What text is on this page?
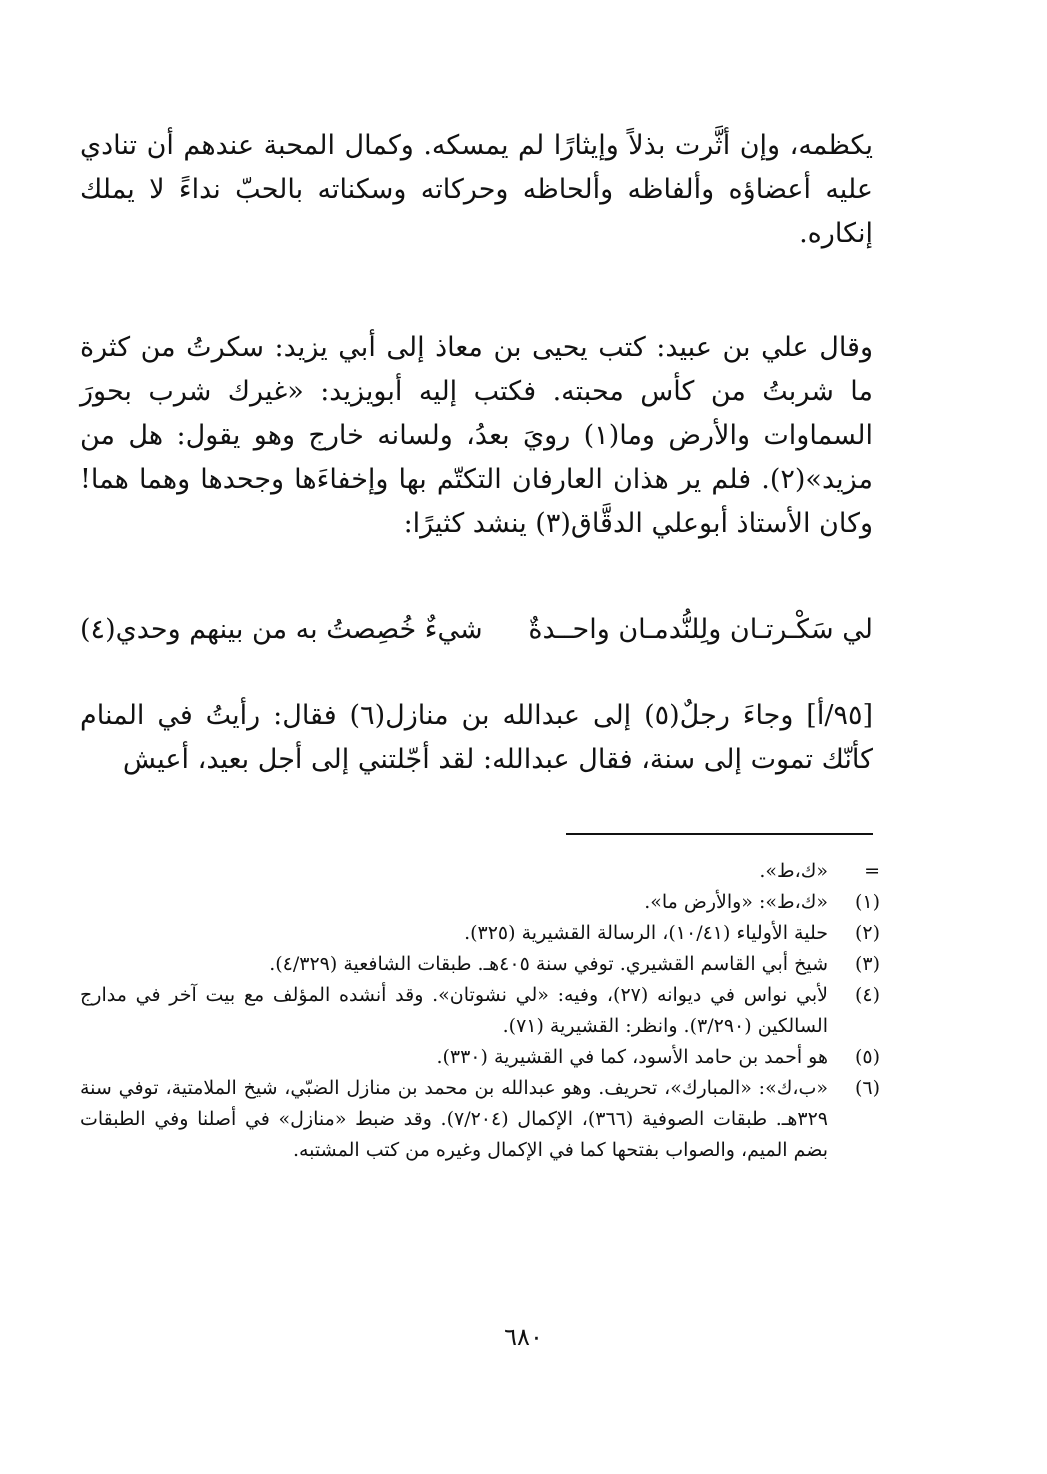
يكظمه، وإن أثَّرت بذلاً وإيثارًا لم يمسكه. وكمال المحبة عندهم أن تنادي عليه أعضاؤه وألفاظه وألحاظه وحركاته وسكناته بالحبّ نداءً لا يملك إنكاره.

وقال علي بن عبيد: كتب يحيى بن معاذ إلى أبي يزيد: سكرتُ من كثرة ما شربتُ من كأس محبته. فكتب إليه أبويزيد: «غيرك شرب بحورَ السماوات والأرض وما(١) رويَ بعدُ، ولسانه خارج وهو يقول: هل من مزيد»(٢). فلم ير هذان العارفان التكتّم بها وإخفاءَها وجحدها وهما هما! وكان الأستاذ أبوعلي الدقَّاق(٣) ينشد كثيرًا:

لي سَكْـرتـان ولِلنُّدمـان واحــدةٌ
شيءٌ خُصِصتُ به من بينهم وحدي(٤)

[٩٥/أ] وجاءَ رجلٌ(٥) إلى عبدالله بن منازل(٦) فقال: رأيتُ في المنام كأنّك تموت إلى سنة، فقال عبدالله: لقد أجّلتني إلى أجل بعيد، أعيش

=
«ك،ط».
(١)
«ك،ط»: «والأرض ما».
(٢)
حلية الأولياء (١٠/٤١)، الرسالة القشيرية (٣٢٥).
(٣)
شيخ أبي القاسم القشيري. توفي سنة ٤٠٥هـ. طبقات الشافعية (٤/٣٢٩).
(٤)
لأبي نواس في ديوانه (٢٧)، وفيه: «لي نشوتان». وقد أنشده المؤلف مع بيت آخر في مدارج السالكين (٣/٢٩٠). وانظر: القشيرية (٧١).
(٥)
هو أحمد بن حامد الأسود، كما في القشيرية (٣٣٠).
(٦)
«ب،ك»: «المبارك»، تحريف. وهو عبدالله بن محمد بن منازل الضبّي، شيخ الملامتية، توفي سنة ٣٢٩هـ. طبقات الصوفية (٣٦٦)، الإكمال (٧/٢٠٤). وقد ضبط «منازل» في أصلنا وفي الطبقات بضم الميم، والصواب بفتحها كما في الإكمال وغيره من كتب المشتبه.
٦٨٠
